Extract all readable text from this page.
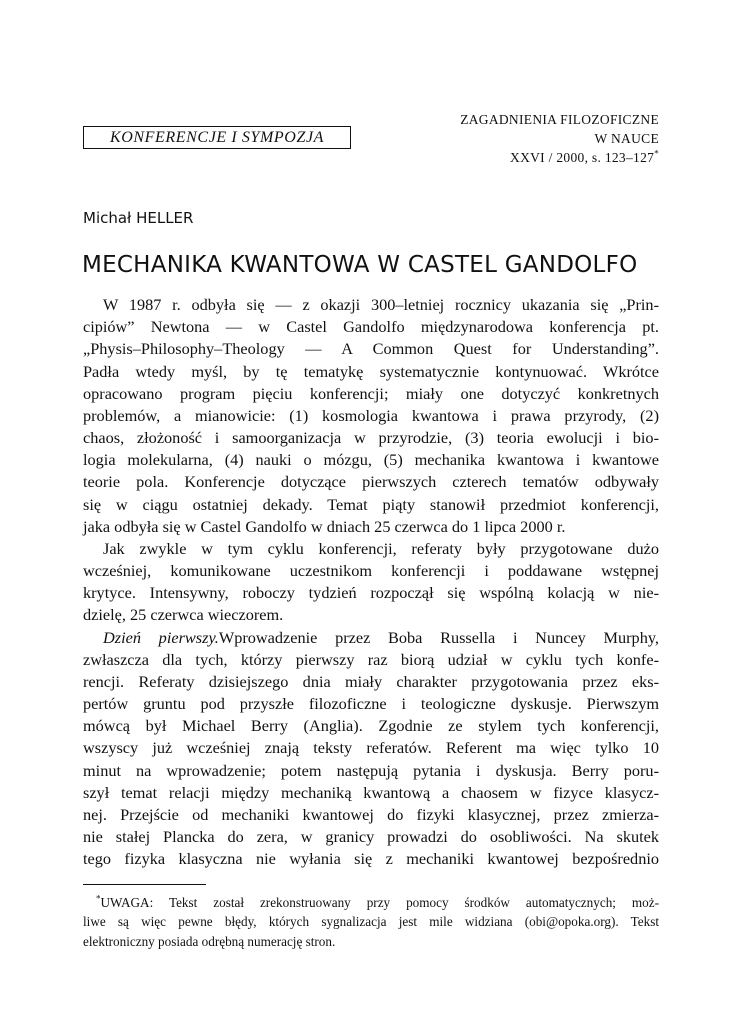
KONFERENCJE I SYMPOZJA
ZAGADNIENIA FILOZOFICZNE
W NAUCE
XXVI / 2000, s. 123–127*
Michał HELLER
MECHANIKA KWANTOWA W CASTEL GANDOLFO
W 1987 r. odbyła się — z okazji 300–letniej rocznicy ukazania się „Prin-
cipiów” Newtona — w Castel Gandolfo międzynarodowa konferencja pt.
„Physis–Philosophy–Theology — A Common Quest for Understanding”.
Padła wtedy myśl, by tę tematykę systematycznie kontynuować. Wkrótce
opracowano program pięciu konferencji; miały one dotyczyć konkretnych
problemów, a mianowicie: (1) kosmologia kwantowa i prawa przyrody, (2)
chaos, złożoność i samoorganizacja w przyrodzie, (3) teoria ewolucji i bio-
logia molekularna, (4) nauki o mózgu, (5) mechanika kwantowa i kwantowe
teorie pola. Konferencje dotyczące pierwszych czterech tematów odbywały
się w ciągu ostatniej dekady. Temat piąty stanowił przedmiot konferencji,
jaka odbyła się w Castel Gandolfo w dniach 25 czerwca do 1 lipca 2000 r.
Jak zwykle w tym cyklu konferencji, referaty były przygotowane dużo
wcześniej, komunikowane uczestnikom konferencji i poddawane wstępnej
krytyce. Intensywny, roboczy tydzień rozpoczął się wspólną kolacją w nie-
dzielę, 25 czerwca wieczorem.
Dzień pierwszy.Wprowadzenie przez Boba Russella i Nuncey Murphy,
zwłaszcza dla tych, którzy pierwszy raz biorą udział w cyklu tych konfe-
rencji. Referaty dzisiejszego dnia miały charakter przygotowania przez eks-
pertów gruntu pod przyszłe filozoficzne i teologiczne dyskusje. Pierwszym
mówcą był Michael Berry (Anglia). Zgodnie ze stylem tych konferencji,
wszyscy już wcześniej znają teksty referatów. Referent ma więc tylko 10
minut na wprowadzenie; potem następują pytania i dyskusja. Berry poru-
szył temat relacji między mechaniką kwantową a chaosem w fizyce klasycz-
nej. Przejście od mechaniki kwantowej do fizyki klasycznej, przez zmierza-
nie stałej Plancka do zera, w granicy prowadzi do osobliwości. Na skutek
tego fizyka klasyczna nie wyłania się z mechaniki kwantowej bezpośrednio
*UWAGA: Tekst został zrekonstruowany przy pomocy środków automatycznych; moż-
liwe są więc pewne błędy, których sygnalizacja jest mile widziana (obi@opoka.org). Tekst
elektroniczny posiada odrębną numerację stron.
